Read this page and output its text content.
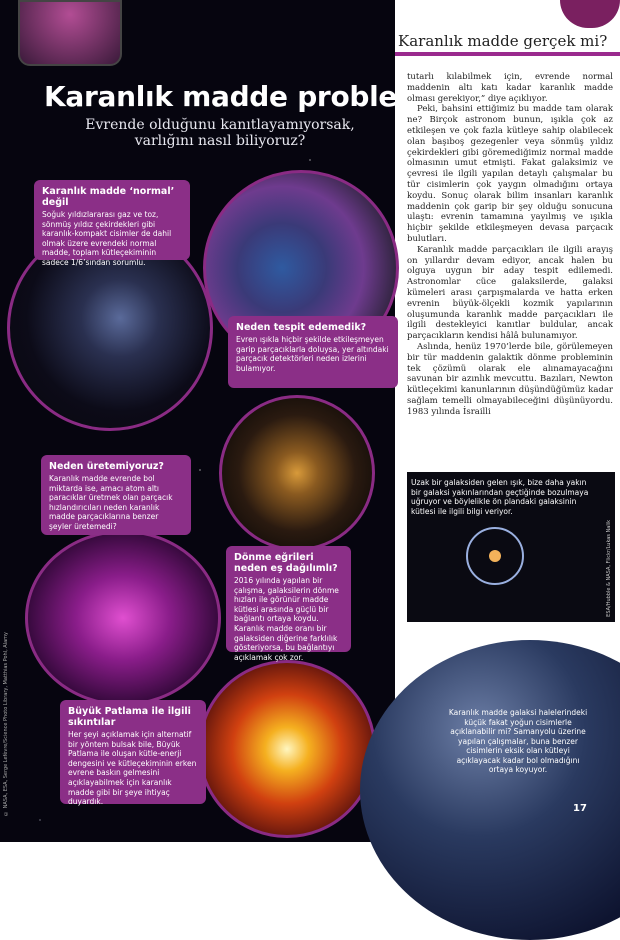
Karanlık madde gerçek mi?
Karanlık madde problemi
Evrende olduğunu kanıtlayamıyorsak, varlığını nasıl biliyoruz?
Karanlık madde ‘normal’ değil

Soğuk yıldızlararası gaz ve toz, sönmüş yıldız çekirdekleri gibi karanlık-kompakt cisimler de dahil olmak üzere evrendeki normal madde, toplam kütleçekiminin sadece 1/6’sından sorumlu.

Neden tespit edemedik?

Evren ışıkla hiçbir şekilde etkileşmeyen garip parçacıklarla doluysa, yer altındaki parçacık detektörleri neden izlerini bulamıyor.

Neden üretemiyoruz?

Karanlık madde evrende bol miktarda ise, amacı atom altı paracıklar üretmek olan parçacık hızlandırıcıları neden karanlık madde parçacıklarına benzer şeyler üretemedi?

Dönme eğrileri neden eş dağılımlı?

2016 yılında yapılan bir çalışma, galaksilerin dönme hızları ile görünür madde kütlesi arasında güçlü bir bağlantı ortaya koydu. Karanlık madde oranı bir galaksiden diğerine farklılık gösteriyorsa, bu bağlantıyı açıklamak çok zor.

Büyük Patlama ile ilgili sıkıntılar

Her şeyi açıklamak için alternatif bir yöntem bulsak bile, Büyük Patlama ile oluşan kütle-enerji dengesini ve kütleçekiminin erken evrene baskın gelmesini açıklayabilmek için karanlık madde gibi bir şeye ihtiyaç duyardık.

tutarlı kılabilmek için, evrende normal maddenin altı katı kadar karanlık madde olması gerekiyor,” diye açıklıyor.

Peki, bahsini ettiğimiz bu madde tam olarak ne? Birçok astronom bunun, ışıkla çok az etkileşen ve çok fazla kütleye sahip olabilecek olan başıboş gezegenler veya sönmüş yıldız çekirdekleri gibi göremediğimiz normal madde olmasının umut etmişti. Fakat galaksimiz ve çevresi ile ilgili yapılan detaylı çalışmalar bu tür cisimlerin çok yaygın olmadığını ortaya koydu. Sonuç olarak bilim insanları karanlık maddenin çok garip bir şey olduğu sonucuna ulaştı: evrenin tamamına yayılmış ve ışıkla hiçbir şekilde etkileşmeyen devasa parçacık bulutları.

Karanlık madde parçacıkları ile ilgili arayış on yıllardır devam ediyor, ancak halen bu olguya uygun bir aday tespit edilemedi. Astronomlar cüce galaksilerde, galaksi kümeleri arası çarpışmalarda ve hatta erken evrenin büyük-ölçekli kozmik yapılarının oluşumunda karanlık madde parçacıkları ile ilgili destekleyici kanıtlar buldular, ancak parçacıkların kendisi hâlâ bulunamıyor.

Aslında, henüz 1970’lerde bile, görülemeyen bir tür maddenin galaktik dönme probleminin tek çözümü olarak ele alınamayacağını savunan bir azınlık mevcuttu. Bazıları, Newton kütleçekimi kanunlarının düşündüğümüz kadar sağlam temelli olmayabileceğini düşünüyordu. 1983 yılında İsrailli

Uzak bir galaksiden gelen ışık, bize daha yakın bir galaksi yakınlarından geçtiğinde bozulmaya uğruyor ve böylelikle ön plandaki galaksinin kütlesi ile ilgili bilgi veriyor.
ESA/Hubble & NASA, Flickr/Lukas Nalik
© NASA, ESA, Serge Lefèvre/Science Photo Library, Matthias Pohl, Alamy	Karanlık madde galaksi halelerindeki küçük fakat yoğun cisimlerle açıklanabilir mi? Samanyolu üzerine yapılan çalışmalar, buna benzer cisimlerin eksik olan kütleyi açıklayacak kadar bol olmadığını ortaya koyuyor.
17
